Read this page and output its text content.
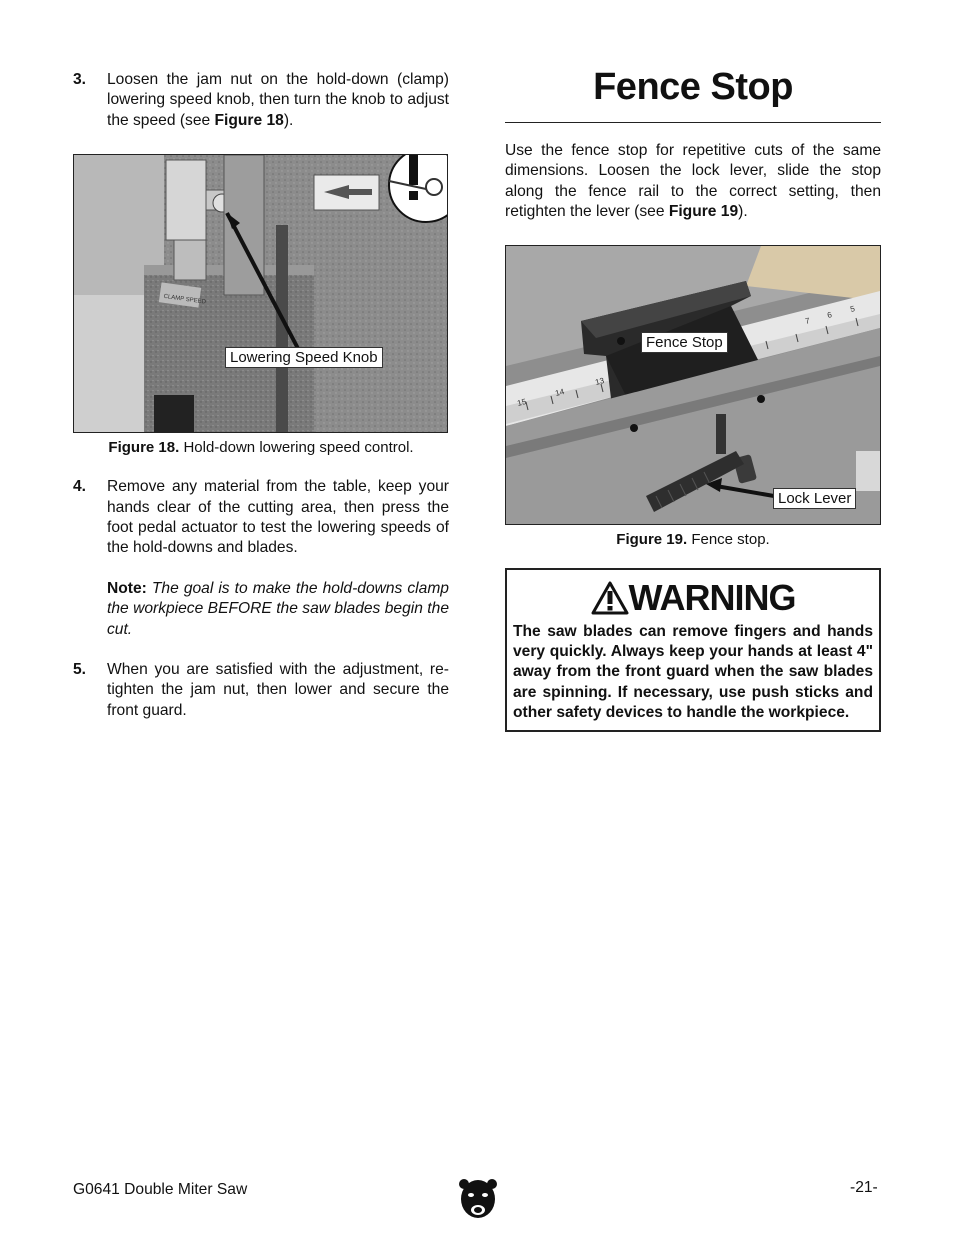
3. Loosen the jam nut on the hold-down (clamp) lowering speed knob, then turn the knob to adjust the speed (see Figure 18).
CLAMP SPEED
Lowering Speed Knob
Figure 18. Hold-down lowering speed control.
4. Remove any material from the table, keep your hands clear of the cutting area, then press the foot pedal actuator to test the lowering speeds of the hold-downs and blades.
Note: The goal is to make the hold-downs clamp the workpiece BEFORE the saw blades begin the cut.
5. When you are satisfied with the adjustment, re-tighten the jam nut, then lower and secure the front guard.
Fence Stop
Use the fence stop for repetitive cuts of the same dimensions. Loosen the lock lever, slide the stop along the fence rail to the correct setting, then retighten the lever (see Figure 19).
15
14
13
7
6
5
Fence Stop
Lock Lever
Figure 19. Fence stop.
WARNING
The saw blades can remove fingers and hands very quickly. Always keep your hands at least 4" away from the front guard when the saw blades are spinning. If necessary, use push sticks and other safety devices to handle the workpiece.
G0641 Double Miter Saw	-21-
